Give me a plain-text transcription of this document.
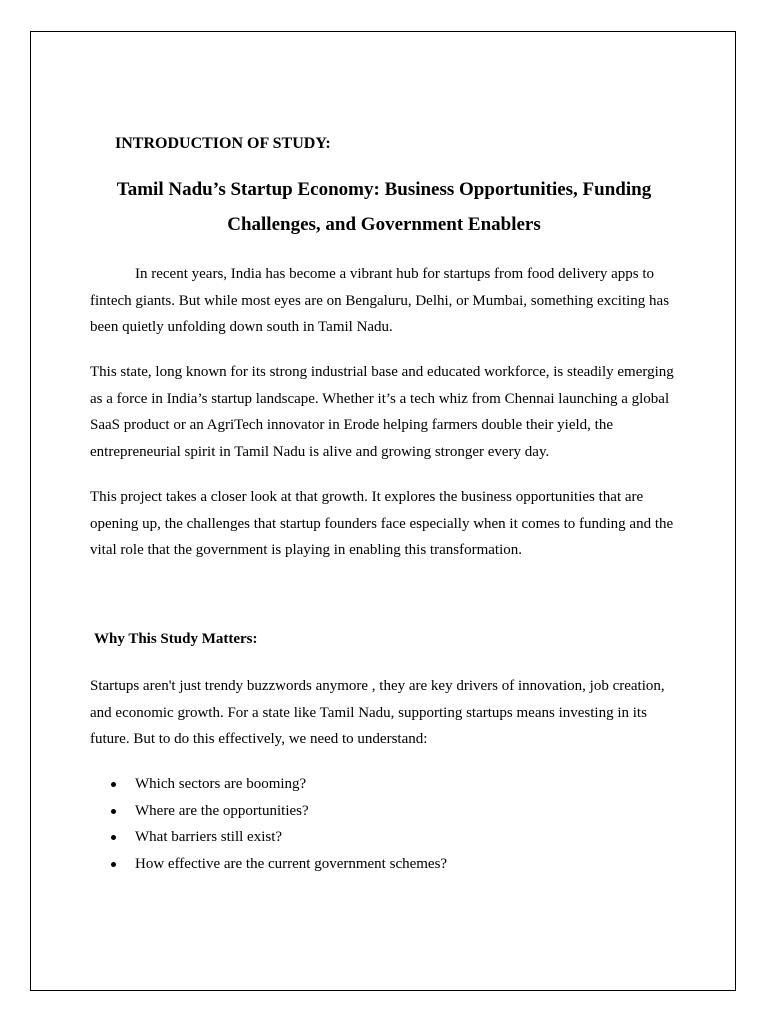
INTRODUCTION OF STUDY:
Tamil Nadu’s Startup Economy: Business Opportunities, Funding Challenges, and Government Enablers

In recent years, India has become a vibrant hub for startups from food delivery apps to fintech giants. But while most eyes are on Bengaluru, Delhi, or Mumbai, something exciting has been quietly unfolding down south in Tamil Nadu.

This state, long known for its strong industrial base and educated workforce, is steadily emerging as a force in India’s startup landscape. Whether it’s a tech whiz from Chennai launching a global SaaS product or an AgriTech innovator in Erode helping farmers double their yield, the entrepreneurial spirit in Tamil Nadu is alive and growing stronger every day.

This project takes a closer look at that growth. It explores the business opportunities that are opening up, the challenges that startup founders face especially when it comes to funding and the vital role that the government is playing in enabling this transformation.

Why This Study Matters:

Startups aren't just trendy buzzwords anymore , they are key drivers of innovation, job creation, and economic growth. For a state like Tamil Nadu, supporting startups means investing in its future. But to do this effectively, we need to understand:

Which sectors are booming?
Where are the opportunities?
What barriers still exist?
How effective are the current government schemes?
